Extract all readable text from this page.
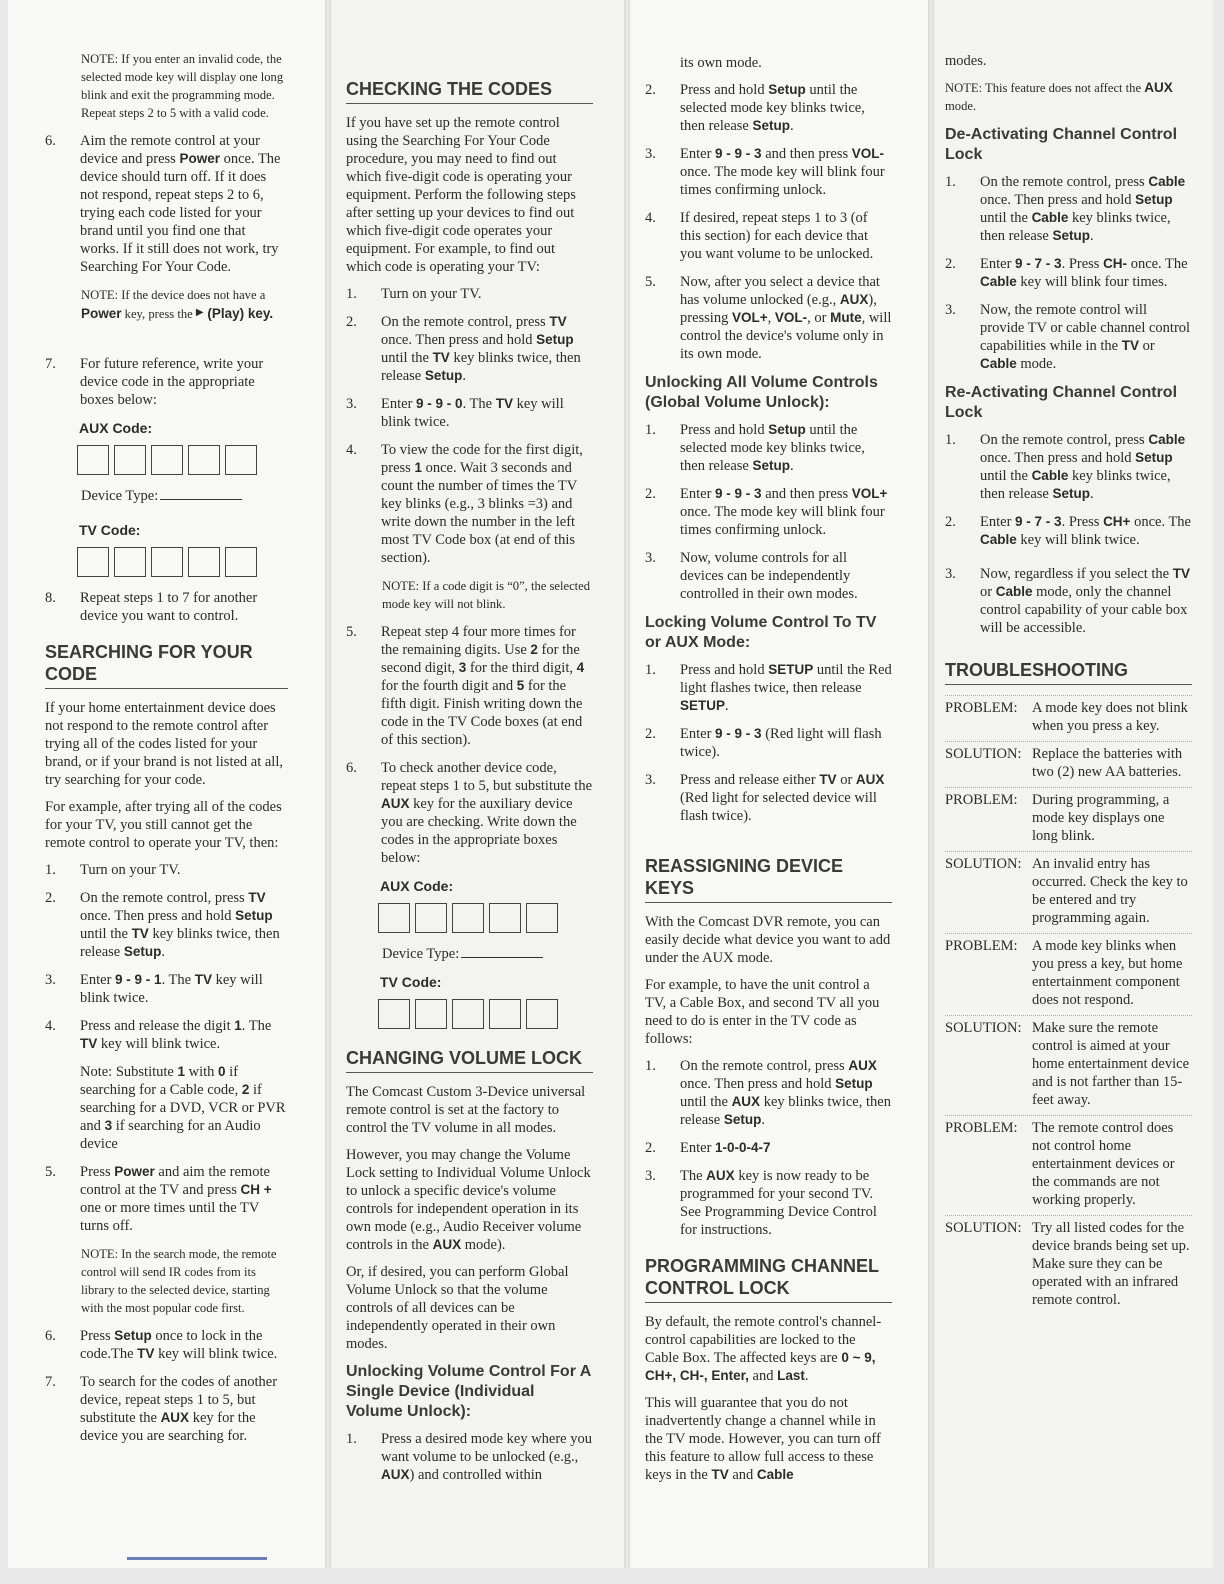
NOTE: If you enter an invalid code, the selected mode key will display one long blink and exit the programming mode. Repeat steps 2 to 5 with a valid code.

6.	Aim the remote control at your device and press Power once. The device should turn off. If it does not respond, repeat steps 2 to 6, trying each code listed for your brand until you find one that works. If it still does not work, try Searching For Your Code.

NOTE: If the device does not have a Power key, press the ▶ (Play) key.

7.	For future reference, write your device code in the appropriate boxes below:
AUX Code:
Device Type:
TV Code:
8.	Repeat steps 1 to 7 for another device you want to control.
SEARCHING FOR YOUR CODE

If your home entertainment device does not respond to the remote control after trying all of the codes listed for your brand, or if your brand is not listed at all, try searching for your code.

For example, after trying all of the codes for your TV, you still cannot get the remote control to operate your TV, then:

1.	Turn on your TV.
2.	On the remote control, press TV once. Then press and hold Setup until the TV key blinks twice, then release Setup.
3.	Enter 9 - 9 - 1. The TV key will blink twice.
4.	Press and release the digit 1. The TV key will blink twice.

Note: Substitute 1 with 0 if searching for a Cable code, 2 if searching for a DVD, VCR or PVR and 3 if searching for an Audio device

5.	Press Power and aim the remote control at the TV and press CH + one or more times until the TV turns off.

NOTE: In the search mode, the remote control will send IR codes from its library to the selected device, starting with the most popular code first.

6.	Press Setup once to lock in the code.The TV key will blink twice.
7.	To search for the codes of another device, repeat steps 1 to 5, but substitute the AUX key for the device you are searching for.
CHECKING THE CODES

If you have set up the remote control using the Searching For Your Code procedure, you may need to find out which five-digit code is operating your equipment. Perform the following steps after setting up your devices to find out which five-digit code operates your equipment. For example, to find out which code is operating your TV:

1.	Turn on your TV.
2.	On the remote control, press TV once. Then press and hold Setup until the TV key blinks twice, then release Setup.
3.	Enter 9 - 9 - 0. The TV key will blink twice.
4.	To view the code for the first digit, press 1 once. Wait 3 seconds and count the number of times the TV key blinks (e.g., 3 blinks =3) and write down the number in the left most TV Code box (at end of this section).

NOTE: If a code digit is “0”, the selected mode key will not blink.

5.	Repeat step 4 four more times for the remaining digits. Use 2 for the second digit, 3 for the third digit, 4 for the fourth digit and 5 for the fifth digit. Finish writing down the code in the TV Code boxes (at end of this section).
6.	To check another device code, repeat steps 1 to 5, but substitute the AUX key for the auxiliary device you are checking. Write down the codes in the appropriate boxes below:
AUX Code:
Device Type:
TV Code:
CHANGING VOLUME LOCK

The Comcast Custom 3-Device universal remote control is set at the factory to control the TV volume in all modes.

However, you may change the Volume Lock setting to Individual Volume Unlock to unlock a specific device's volume controls for independent operation in its own mode (e.g., Audio Receiver volume controls in the AUX mode).

Or, if desired, you can perform Global Volume Unlock so that the volume controls of all devices can be independently operated in their own modes.

Unlocking Volume Control For A Single Device (Individual Volume Unlock):
1.	Press a desired mode key where you want volume to be unlocked (e.g., AUX) and controlled within

its own mode.

2.	Press and hold Setup until the selected mode key blinks twice, then release Setup.
3.	Enter 9 - 9 - 3 and then press VOL- once. The mode key will blink four times confirming unlock.
4.	If desired, repeat steps 1 to 3 (of this section) for each device that you want volume to be unlocked.
5.	Now, after you select a device that has volume unlocked (e.g., AUX), pressing VOL+, VOL-, or Mute, will control the device's volume only in its own mode.
Unlocking All Volume Controls (Global Volume Unlock):
1.	Press and hold Setup until the selected mode key blinks twice, then release Setup.
2.	Enter 9 - 9 - 3 and then press VOL+ once. The mode key will blink four times confirming unlock.
3.	Now, volume controls for all devices can be independently controlled in their own modes.
Locking Volume Control To TV or AUX Mode:
1.	Press and hold SETUP until the Red light flashes twice, then release SETUP.
2.	Enter 9 - 9 - 3 (Red light will flash twice).
3.	Press and release either TV or AUX (Red light for selected device will flash twice).
REASSIGNING DEVICE KEYS

With the Comcast DVR remote, you can easily decide what device you want to add under the AUX mode.

For example, to have the unit control a TV, a Cable Box, and second TV all you need to do is enter in the TV code as follows:

1.	On the remote control, press AUX once. Then press and hold Setup until the AUX key blinks twice, then release Setup.
2.	Enter 1-0-0-4-7
3.	The AUX key is now ready to be programmed for your second TV. See Programming Device Control for instructions.
PROGRAMMING CHANNEL CONTROL LOCK

By default, the remote control's channel-control capabilities are locked to the Cable Box. The affected keys are 0 ~ 9, CH+, CH-, Enter, and Last.

This will guarantee that you do not inadvertently change a channel while in the TV mode. However, you can turn off this feature to allow full access to these keys in the TV and Cable

modes.

NOTE: This feature does not affect the AUX mode.

De-Activating Channel Control Lock
1.	On the remote control, press Cable once. Then press and hold Setup until the Cable key blinks twice, then release Setup.
2.	Enter 9 - 7 - 3. Press CH- once. The Cable key will blink four times.
3.	Now, the remote control will provide TV or cable channel control capabilities while in the TV or Cable mode.
Re-Activating Channel Control Lock
1.	On the remote control, press Cable once. Then press and hold Setup until the Cable key blinks twice, then release Setup.
2.	Enter 9 - 7 - 3. Press CH+ once. The Cable key will blink twice.
3.	Now, regardless if you select the TV or Cable mode, only the channel control capability of your cable box will be accessible.
TROUBLESHOOTING
PROBLEM: A mode key does not blink when you press a key.
SOLUTION: Replace the batteries with two (2) new AA batteries.
PROBLEM: During programming, a mode key displays one long blink.
SOLUTION: An invalid entry has occurred. Check the key to be entered and try programming again.
PROBLEM: A mode key blinks when you press a key, but home entertainment component does not respond.
SOLUTION: Make sure the remote control is aimed at your home entertainment device and is not farther than 15-feet away.
PROBLEM: The remote control does not control home entertainment devices or the commands are not working properly.
SOLUTION: Try all listed codes for the device brands being set up. Make sure they can be operated with an infrared remote control.
